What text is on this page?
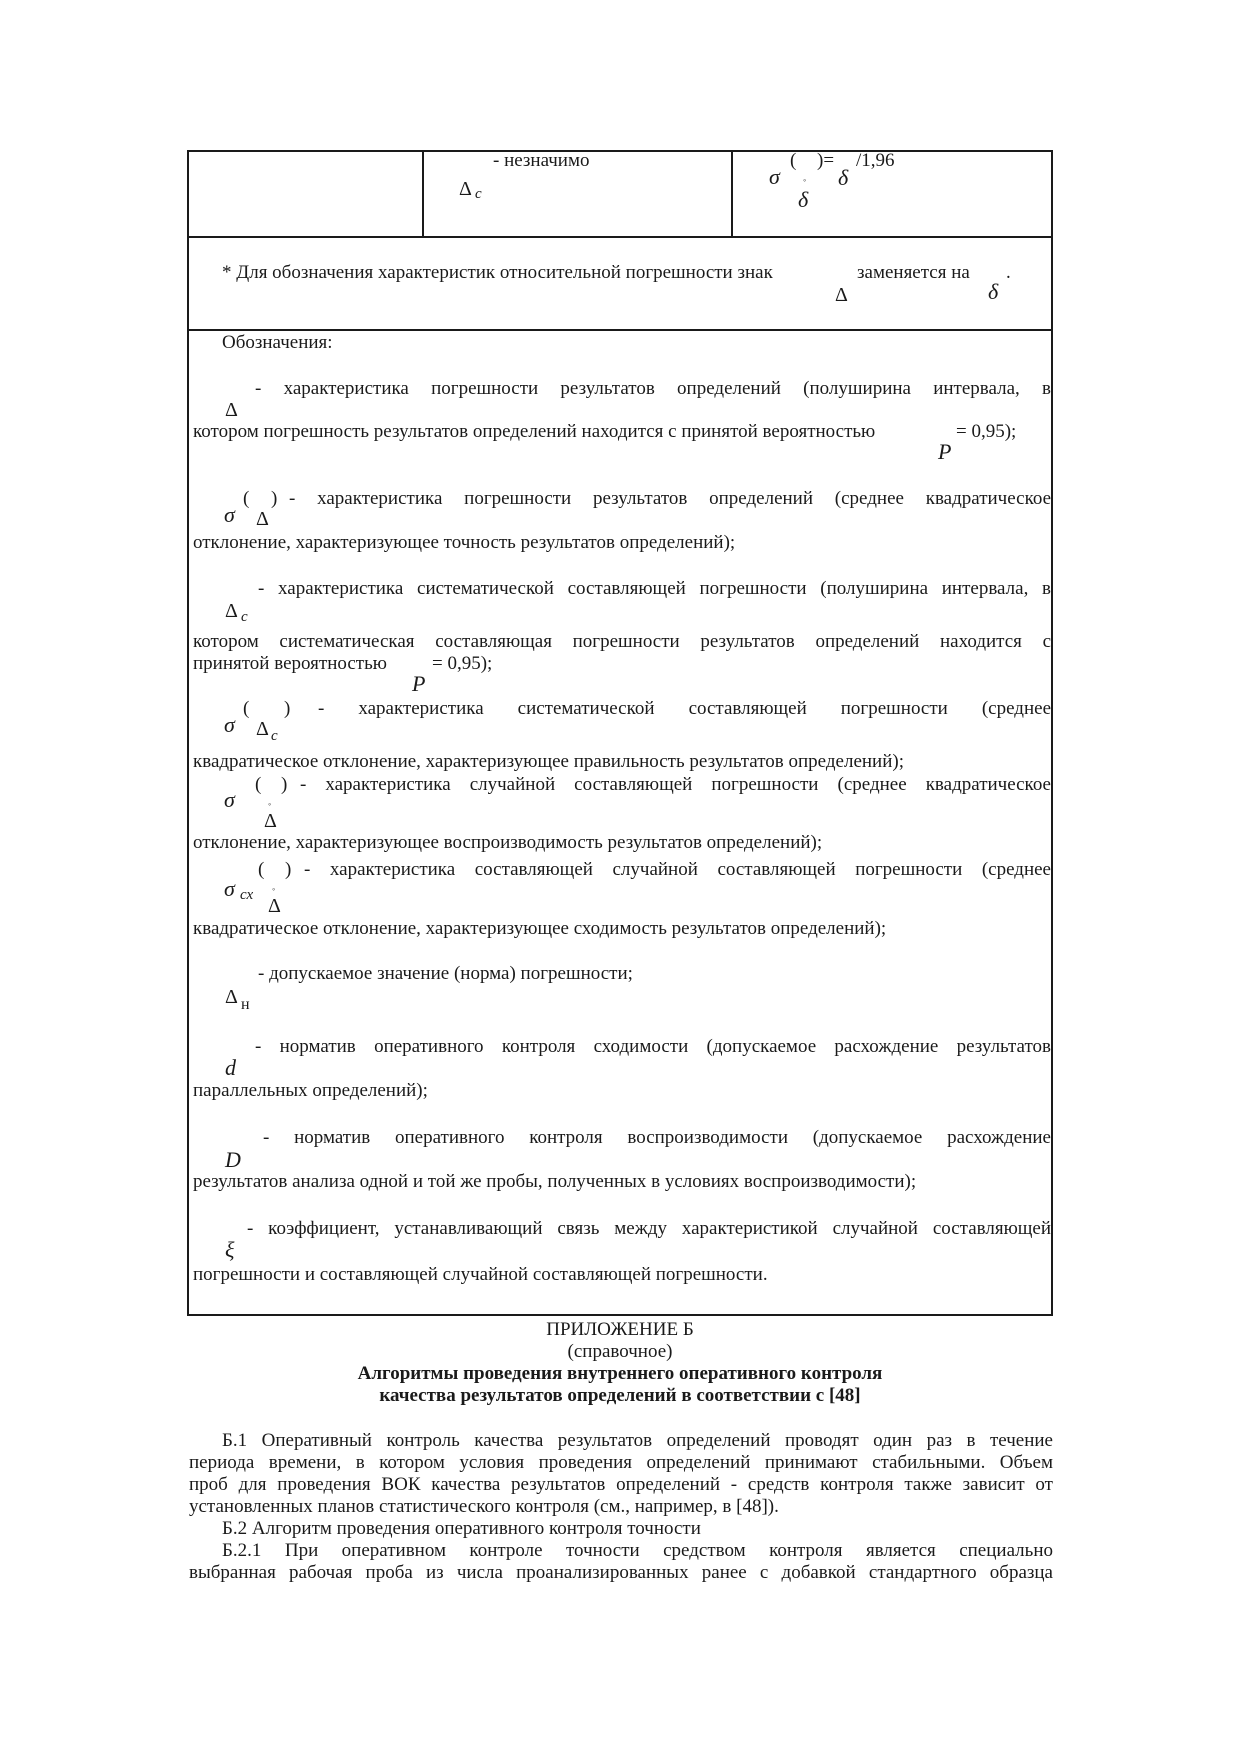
- незначимо
Δ c
σ
(
◦
)= /1,96
δ
δ
* Для обозначения характеристик относительной погрешности знак
Δ
заменяется на
δ
.
Обозначения:
- характеристика погрешности результатов определений (полуширина интервала, в
Δ
котором погрешность результатов определений находится с принятой вероятностью	= 0,95);
P
σ
(
Δ
) - характеристика погрешности результатов определений (среднее квадратическое
отклонение, характеризующее точность результатов определений);
- характеристика систематической составляющей погрешности (полуширина интервала, в
Δ c
котором систематическая составляющая погрешности результатов определений находится с
принятой вероятностью = 0,95);
P
σ
(
Δ c
) - характеристика систематической составляющей погрешности (среднее
квадратическое отклонение, характеризующее правильность результатов определений);
σ
(
◦
Δ
) - характеристика случайной составляющей погрешности (среднее квадратическое
отклонение, характеризующее воспроизводимость результатов определений);
σ сх
(
◦
Δ
) - характеристика составляющей случайной составляющей погрешности (среднее
квадратическое отклонение, характеризующее сходимость результатов определений);
- допускаемое значение (норма) погрешности;
Δ н
- норматив оперативного контроля сходимости (допускаемое расхождение результатов
d
параллельных определений);
- норматив оперативного контроля воспроизводимости (допускаемое расхождение
D
результатов анализа одной и той же пробы, полученных в условиях воспроизводимости);
- коэффициент, устанавливающий связь между характеристикой случайной составляющей
ξ
погрешности и составляющей случайной составляющей погрешности.
ПРИЛОЖЕНИЕ Б
(справочное)
Алгоритмы проведения внутреннего оперативного контроля
качества результатов определений в соответствии с [48]
Б.1 Оперативный контроль качества результатов определений проводят один раз в течение
периода времени, в котором условия проведения определений принимают стабильными. Объем
проб для проведения ВОК качества результатов определений - средств контроля также зависит от
установленных планов статистического контроля (см., например, в [48]).
Б.2 Алгоритм проведения оперативного контроля точности
Б.2.1 При оперативном контроле точности средством контроля является специально
выбранная рабочая проба из числа проанализированных ранее с добавкой стандартного образца
